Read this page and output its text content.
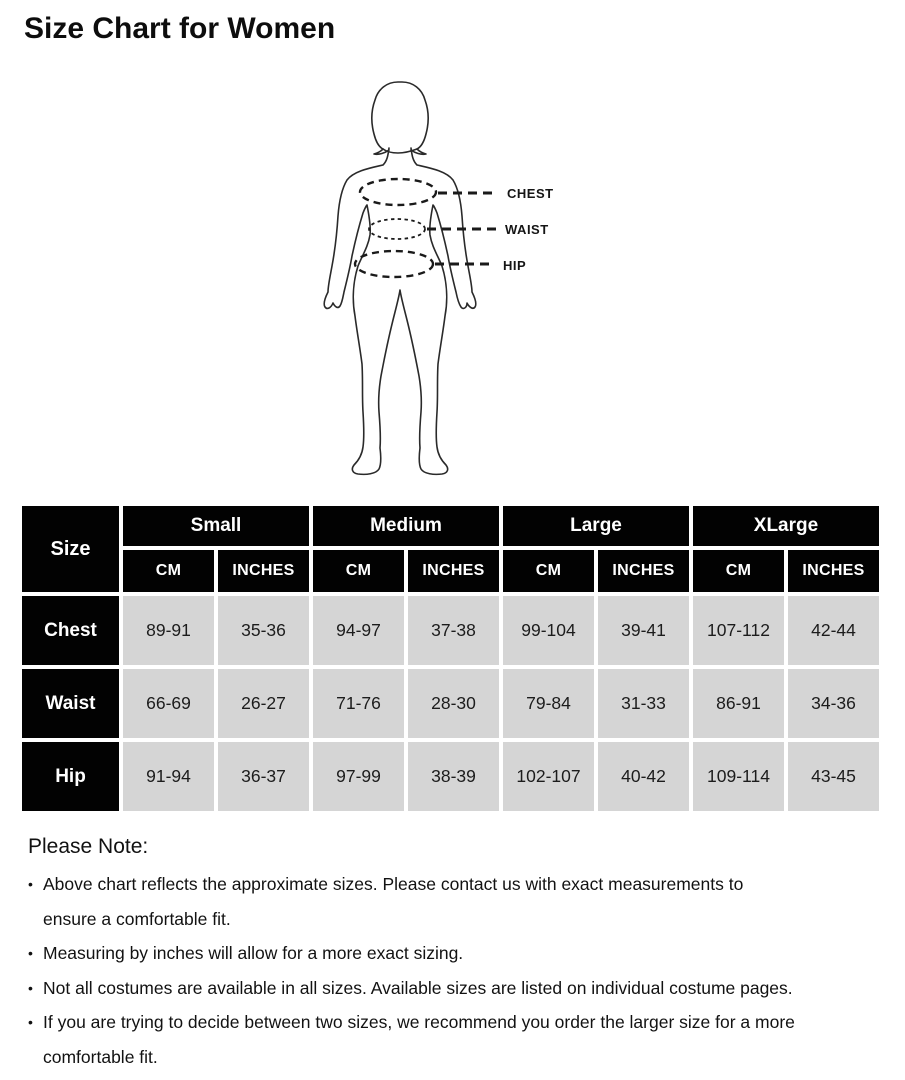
Size Chart for Women
CHEST
WAIST
HIP
Size	Small		Medium		Large		XLarge	
	CM	INCHES	CM	INCHES	CM	INCHES	CM	INCHES
Chest	89-91	35-36	94-97	37-38	99-104	39-41	107-112	42-44
Waist	66-69	26-27	71-76	28-30	79-84	31-33	86-91	34-36
Hip	91-94	36-37	97-99	38-39	102-107	40-42	109-114	43-45
Please Note:
• Above chart reflects the approximate sizes. Please contact us with exact measurements to
ensure a comfortable fit.
• Measuring by inches will allow for a more exact sizing.
• Not all costumes are available in all sizes. Available sizes are listed on individual costume pages.
• If you are trying to decide between two sizes, we recommend you order the larger size for a more
comfortable fit.
